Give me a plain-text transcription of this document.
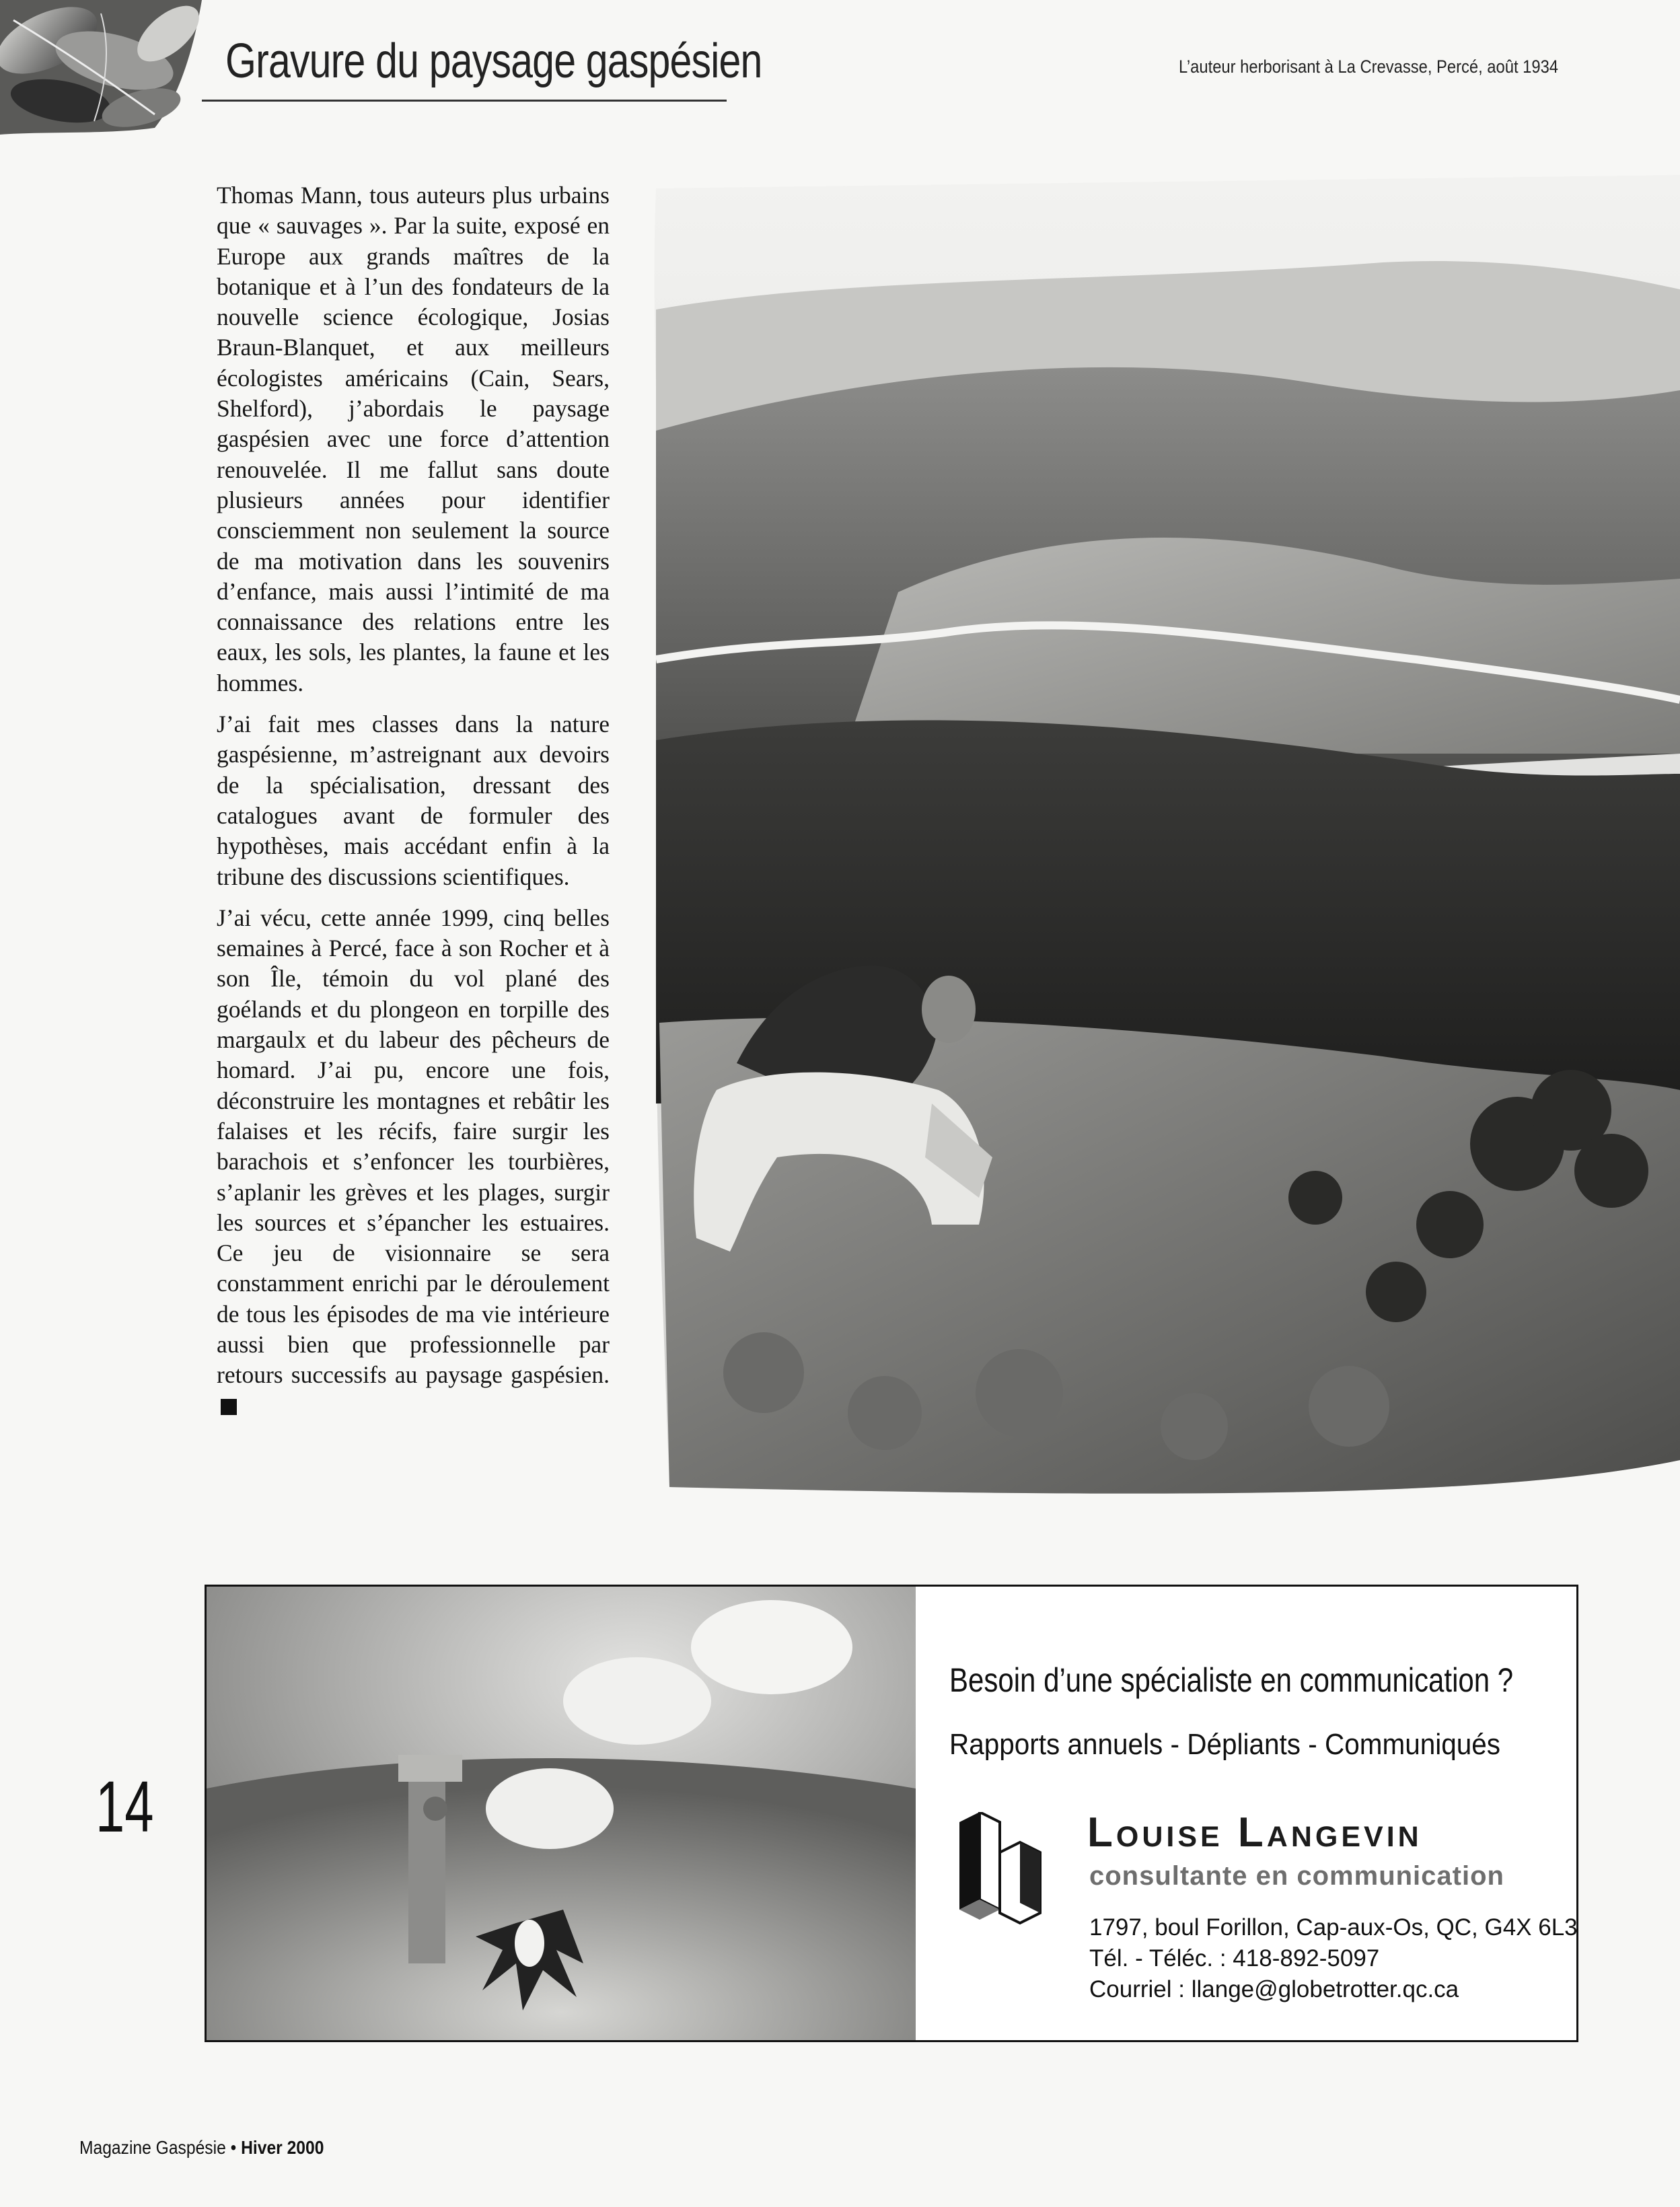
Gravure du paysage gaspésien	L’auteur herborisant à La Crevasse, Percé, août 1934

Thomas Mann, tous auteurs plus urbains que « sauvages ». Par la suite, exposé en Europe aux grands maîtres de la botanique et à l’un des fondateurs de la nouvelle science écologique, Josias Braun-Blanquet, et aux meilleurs écologistes américains (Cain, Sears, Shelford), j’abordais le paysage gaspésien avec une force d’attention renouvelée. Il me fallut sans doute plusieurs années pour identifier consciemment non seulement la source de ma motivation dans les souvenirs d’enfance, mais aussi l’intimité de ma connaissance des relations entre les eaux, les sols, les plantes, la faune et les hommes.

J’ai fait mes classes dans la nature gaspésienne, m’astreignant aux devoirs de la spécialisation, dressant des catalogues avant de formuler des hypothèses, mais accédant enfin à la tribune des discussions scientifiques.

J’ai vécu, cette année 1999, cinq belles semaines à Percé, face à son Rocher et à son Île, témoin du vol plané des goélands et du plongeon en torpille des margaulx et du labeur des pêcheurs de homard. J’ai pu, encore une fois, déconstruire les montagnes et rebâtir les falaises et les récifs, faire surgir les barachois et s’enfoncer les tourbières, s’aplanir les grèves et les plages, surgir les sources et s’épancher les estuaires. Ce jeu de visionnaire se sera constamment enrichi par le déroulement de tous les épisodes de ma vie intérieure aussi bien que professionnelle par retours successifs au paysage gaspésien.

Besoin d’une spécialiste en communication ?
Rapports annuels - Dépliants - Communiqués
Louise Langevin
consultante en communication
1797, boul Forillon, Cap-aux-Os, QC, G4X 6L3
Tél. - Téléc. : 418-892-5097
Courriel : llange@globetrotter.qc.ca
14
Magazine Gaspésie • Hiver 2000
